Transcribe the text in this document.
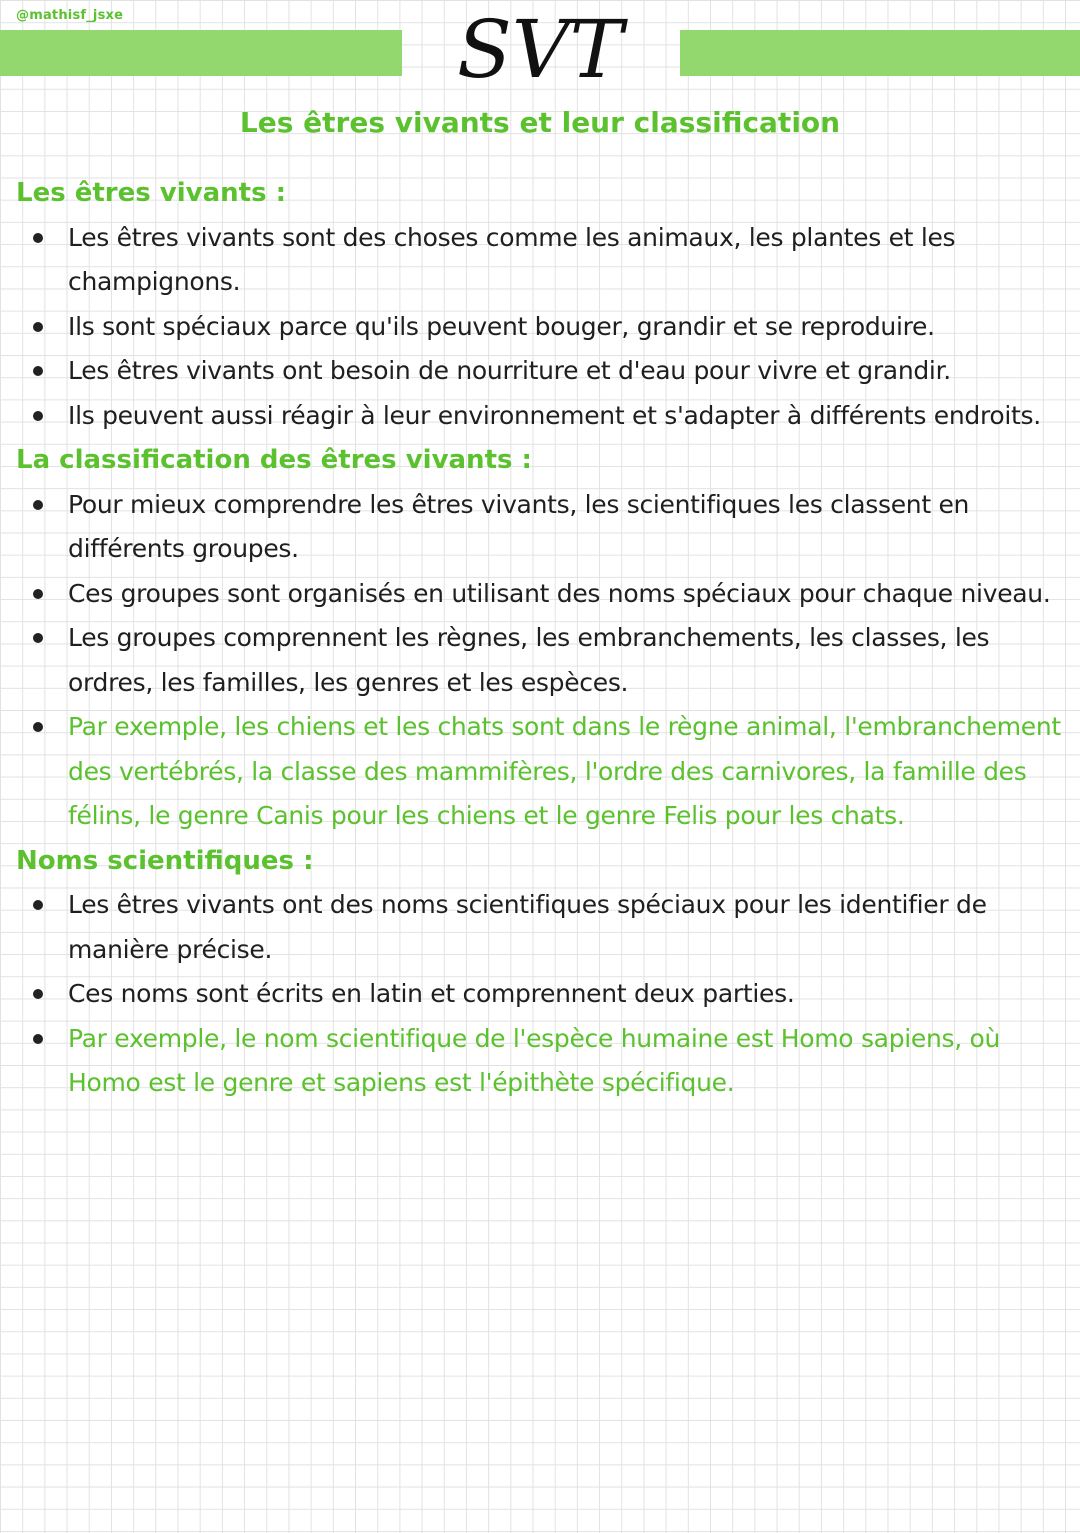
@mathisf_jsxe	SVT
Les êtres vivants et leur classification
Les êtres vivants :
Les êtres vivants sont des choses comme les animaux, les plantes et les champignons.
Ils sont spéciaux parce qu'ils peuvent bouger, grandir et se reproduire.
Les êtres vivants ont besoin de nourriture et d'eau pour vivre et grandir.
Ils peuvent aussi réagir à leur environnement et s'adapter à différents endroits.
La classification des êtres vivants :
Pour mieux comprendre les êtres vivants, les scientifiques les classent en différents groupes.
Ces groupes sont organisés en utilisant des noms spéciaux pour chaque niveau.
Les groupes comprennent les règnes, les embranchements, les classes, les ordres, les familles, les genres et les espèces.
Par exemple, les chiens et les chats sont dans le règne animal, l'embranchement des vertébrés, la classe des mammifères, l'ordre des carnivores, la famille des félins, le genre Canis pour les chiens et le genre Felis pour les chats.
Noms scientifiques :
Les êtres vivants ont des noms scientifiques spéciaux pour les identifier de manière précise.
Ces noms sont écrits en latin et comprennent deux parties.
Par exemple, le nom scientifique de l'espèce humaine est Homo sapiens, où Homo est le genre et sapiens est l'épithète spécifique.
